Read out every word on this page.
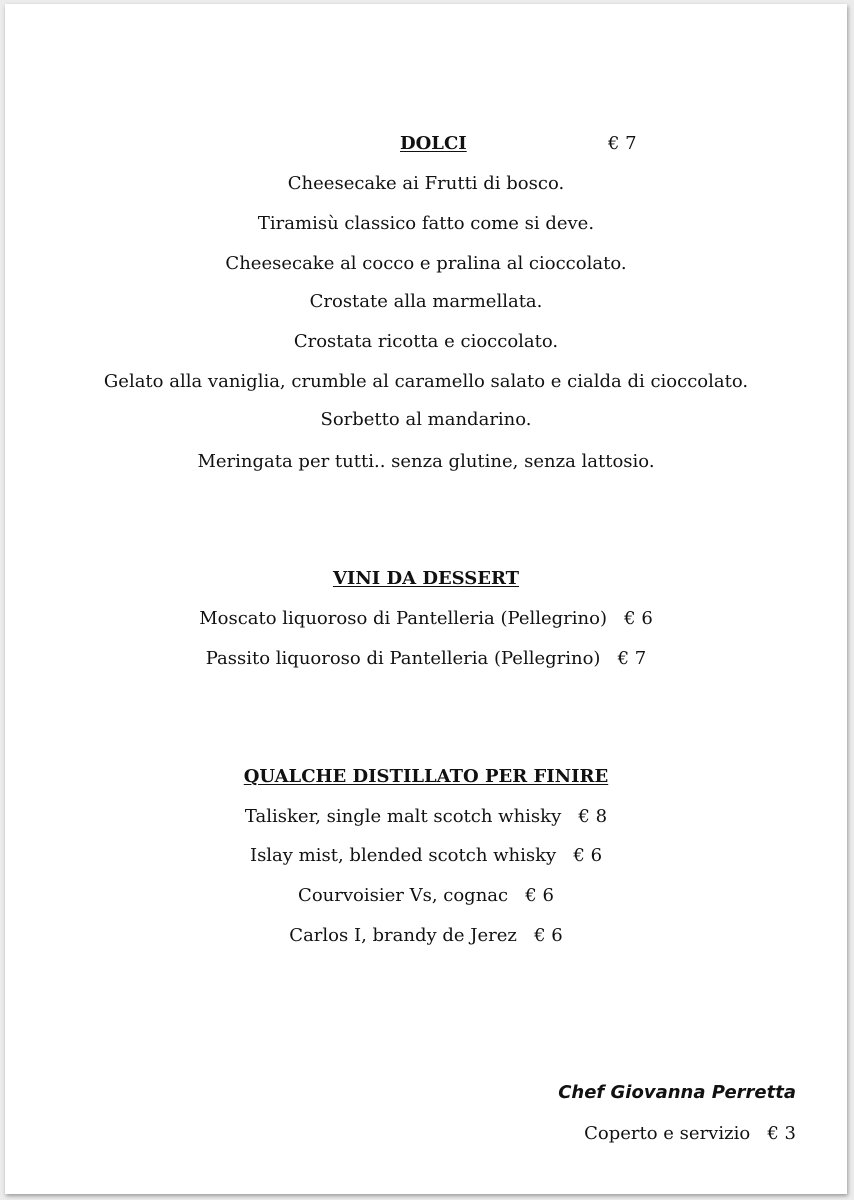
DOLCI	€ 7
Cheesecake ai Frutti di bosco.
Tiramisù classico fatto come si deve.
Cheesecake al cocco e pralina al cioccolato.
Crostate alla marmellata.
Crostata ricotta e cioccolato.
Gelato alla vaniglia, crumble al caramello salato e cialda di cioccolato.
Sorbetto al mandarino.
Meringata per tutti.. senza glutine, senza lattosio.
VINI DA DESSERT
Moscato liquoroso di Pantelleria (Pellegrino) € 6
Passito liquoroso di Pantelleria (Pellegrino) € 7
QUALCHE DISTILLATO PER FINIRE
Talisker, single malt scotch whisky € 8
Islay mist, blended scotch whisky € 6
Courvoisier Vs, cognac € 6
Carlos I, brandy de Jerez € 6
Chef Giovanna Perretta
Coperto e servizio € 3
